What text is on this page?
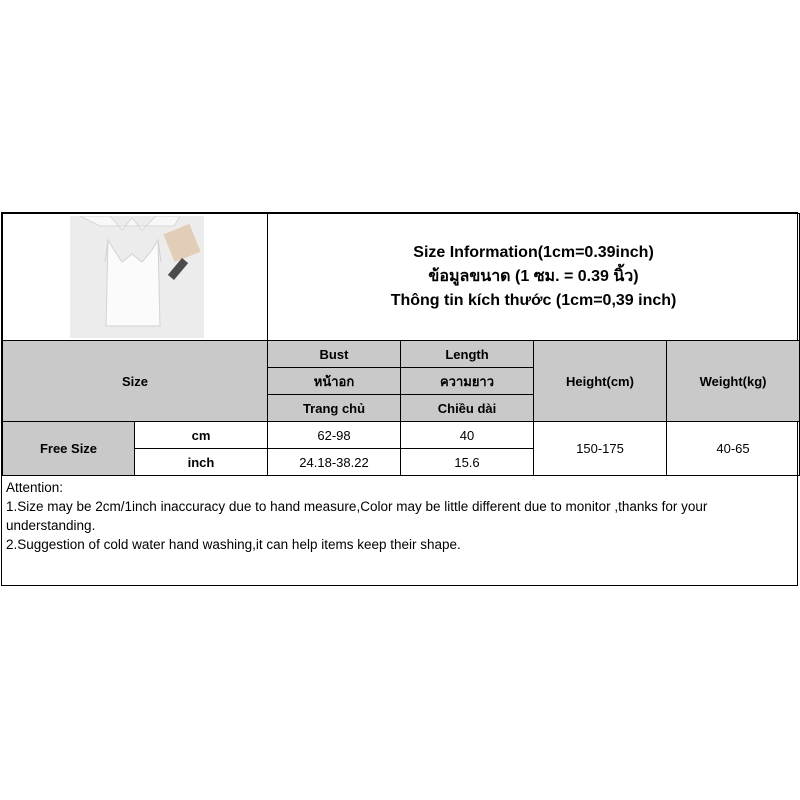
Size Information(1cm=0.39inch)
ข้อมูลขนาด (1 ซม. = 0.39 นิ้ว)
Thông tin kích thước (1cm=0,39 inch)			

Size		Bust	Length	Height(cm)	Weight(kg)
		หน้าอก	ความยาว		
		Trang chủ	Chiều dài		
Free Size	cm	62-98	40	150-175	40-65
	inch	24.18-38.22	15.6		
Attention:
1.Size may be 2cm/1inch inaccuracy due to hand measure,Color may be little different due to monitor ,thanks for your understanding.
2.Suggestion of cold water hand washing,it can help items keep their shape.
